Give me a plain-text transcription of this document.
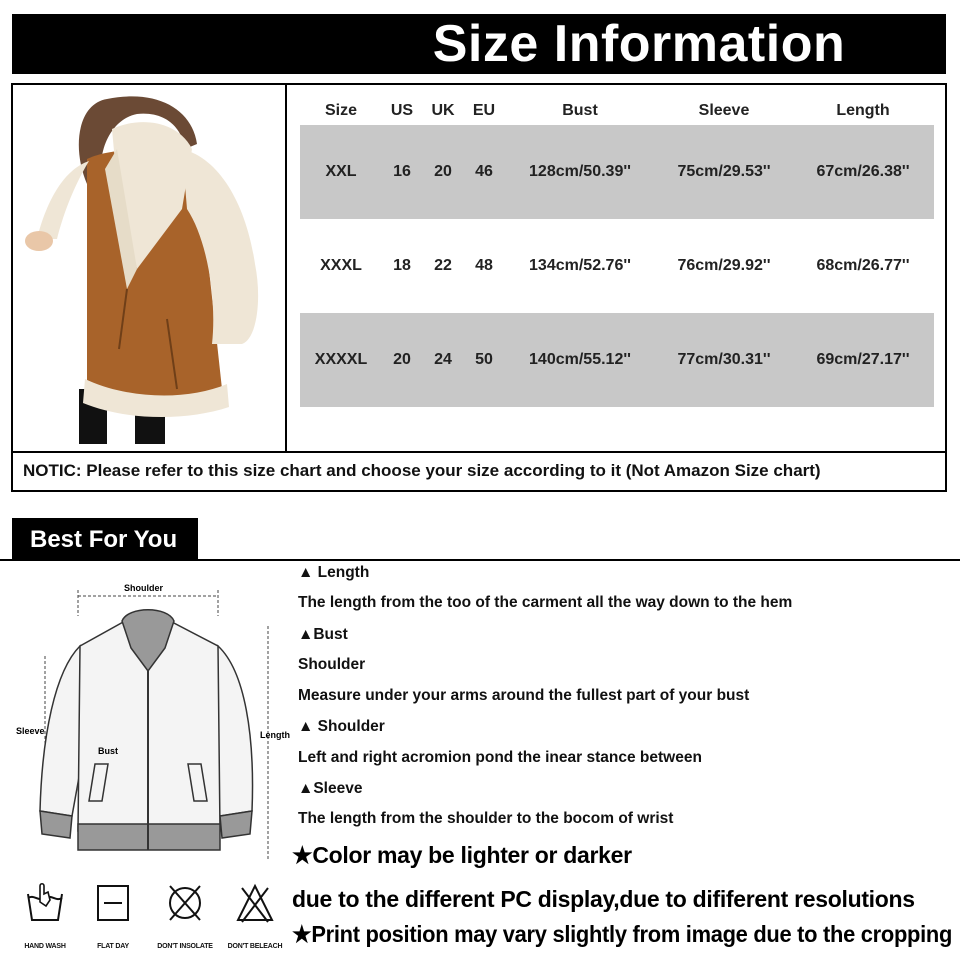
Size Information
Size	US	UK	EU	Bust	Sleeve	Length
XXL	16	20	46	128cm/50.39''	75cm/29.53''	67cm/26.38''
XXXL	18	22	48	134cm/52.76''	76cm/29.92''	68cm/26.77''
XXXXL	20	24	50	140cm/55.12''	77cm/30.31''	69cm/27.17''
NOTIC: Please refer to this size chart and choose your size according to it (Not Amazon Size chart)
Best For You
Shoulder
Sleeve
Bust
Length
▲ Length
The length from the too of the carment all the way down to the hem
▲Bust
Shoulder
Measure under your arms around the fullest part of your bust
▲ Shoulder
Left and right acromion pond the inear stance between
▲Sleeve
The length from the shoulder to the bocom of wrist
★Color may be lighter or darker
due to the different PC display,due to dififerent resolutions
★Print position may vary slightly from image due to the cropping
HAND WASH	FLAT DAY	DON'T INSOLATE	DON'T BELEACH
